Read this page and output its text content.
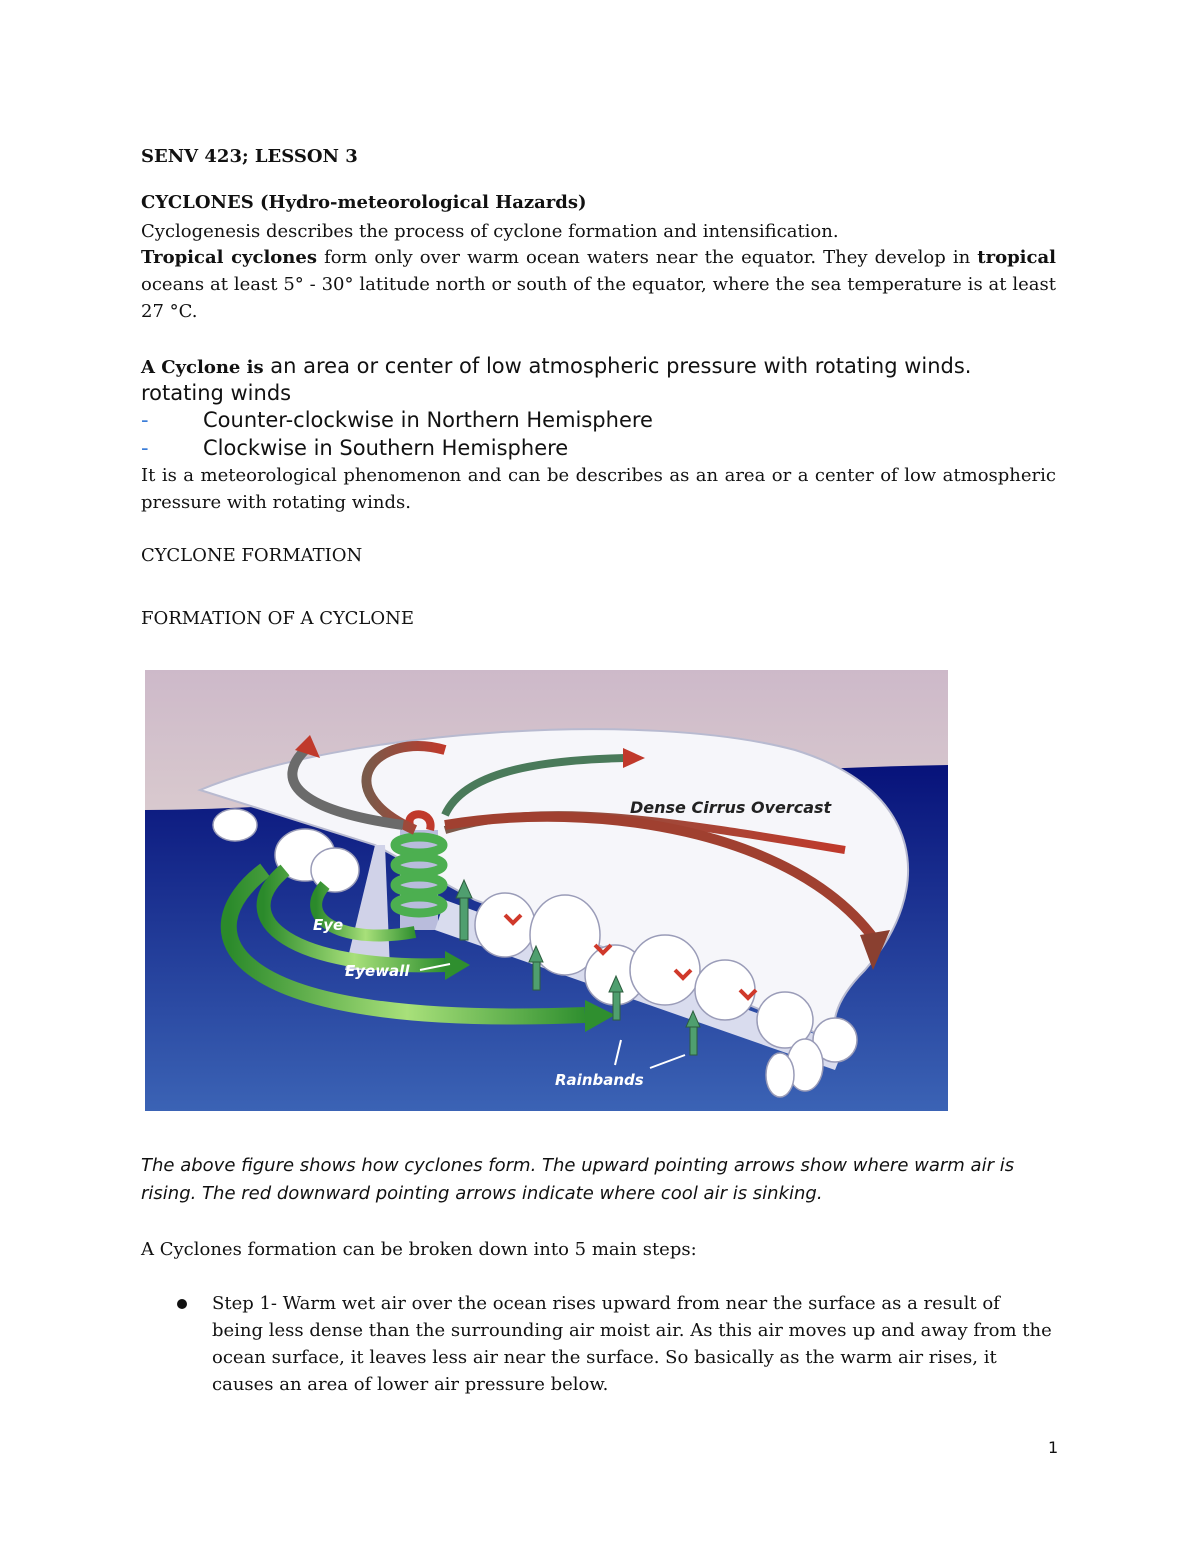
SENV 423; LESSON 3
CYCLONES (Hydro-meteorological Hazards)
Cyclogenesis describes the process of cyclone formation and intensification.
Tropical cyclones form only over warm ocean waters near the equator. They develop in tropical oceans at least 5° - 30° latitude north or south of the equator, where the sea temperature is at least 27 °C.
A Cyclone is an area or center of low atmospheric pressure with rotating winds.
rotating winds
-	Counter-clockwise in Northern Hemisphere
-	Clockwise in Southern Hemisphere
It is a meteorological phenomenon and can be describes as an area or a center of low atmospheric pressure with rotating winds.
CYCLONE FORMATION
FORMATION OF A CYCLONE
Dense Cirrus Overcast
Eye
Eyewall
Rainbands
The above figure shows how cyclones form. The upward pointing arrows show where warm air is rising. The red downward pointing arrows indicate where cool air is sinking.
A Cyclones formation can be broken down into 5 main steps:
Step 1- Warm wet air over the ocean rises upward from near the surface as a result of being less dense than the surrounding air moist air. As this air moves up and away from the ocean surface, it leaves less air near the surface. So basically as the warm air rises, it causes an area of lower air pressure below.
1
